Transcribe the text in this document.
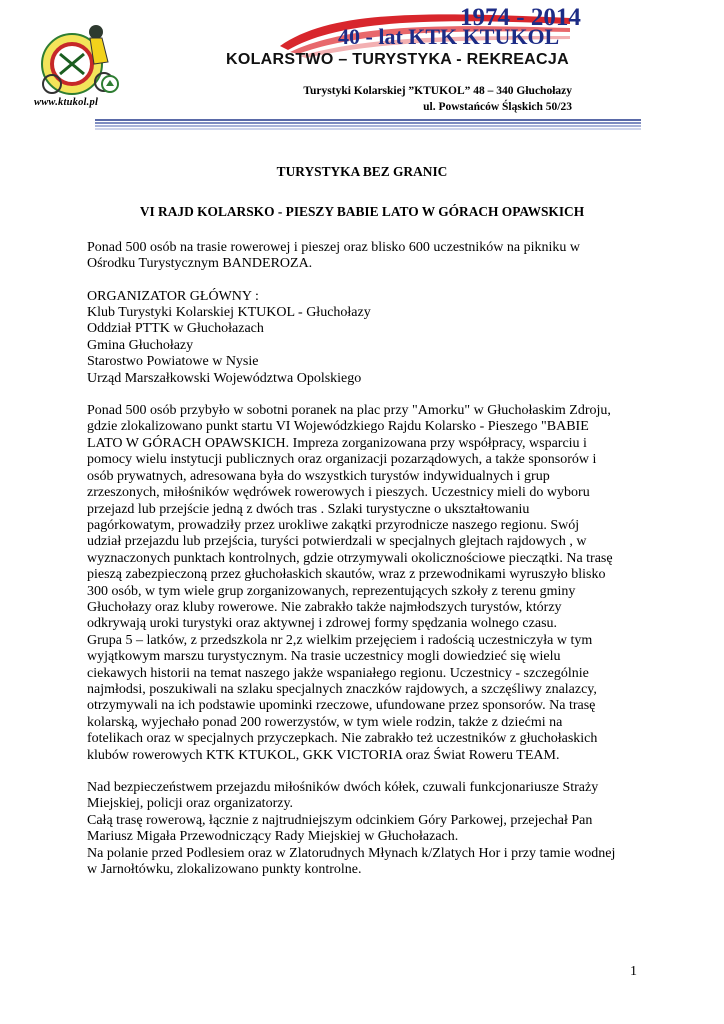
www.ktukol.pl
1974 - 2014
40 - lat KTK KTUKOL
KOLARSTWO – TURYSTYKA - REKREACJA
Turystyki Kolarskiej ”KTUKOL” 48 – 340 Głuchołazy
ul. Powstańców Śląskich 50/23
TURYSTYKA BEZ GRANIC
VI RAJD KOLARSKO - PIESZY BABIE LATO W GÓRACH OPAWSKICH

Ponad 500 osób na trasie rowerowej i pieszej oraz blisko 600 uczestników na pikniku w
Ośrodku Turystycznym BANDEROZA.

ORGANIZATOR GŁÓWNY :
Klub Turystyki Kolarskiej KTUKOL - Głuchołazy
Oddział PTTK w Głuchołazach
Gmina Głuchołazy
Starostwo Powiatowe w Nysie
Urząd Marszałkowski Województwa Opolskiego

Ponad 500 osób przybyło w sobotni poranek na plac przy "Amorku" w Głuchołaskim Zdroju,
gdzie zlokalizowano punkt startu VI Wojewódzkiego Rajdu Kolarsko - Pieszego "BABIE
LATO W GÓRACH OPAWSKICH. Impreza zorganizowana przy współpracy, wsparciu i
pomocy wielu instytucji publicznych oraz organizacji pozarządowych, a także sponsorów i
osób prywatnych, adresowana była do wszystkich turystów indywidualnych i grup
zrzeszonych, miłośników wędrówek rowerowych i pieszych. Uczestnicy mieli do wyboru
przejazd lub przejście jedną z dwóch tras . Szlaki turystyczne o ukształtowaniu
pagórkowatym, prowadziły przez urokliwe zakątki przyrodnicze naszego regionu. Swój
udział przejazdu lub przejścia, turyści potwierdzali w specjalnych glejtach rajdowych , w
wyznaczonych punktach kontrolnych, gdzie otrzymywali okolicznościowe pieczątki. Na trasę
pieszą zabezpieczoną przez głuchołaskich skautów, wraz z przewodnikami wyruszyło blisko
300 osób, w tym wiele grup zorganizowanych, reprezentujących szkoły z terenu gminy
Głuchołazy oraz kluby rowerowe. Nie zabrakło także najmłodszych turystów, którzy
odkrywają uroki turystyki oraz aktywnej i zdrowej formy spędzania wolnego czasu.
Grupa 5 – latków, z przedszkola nr 2,z wielkim przejęciem i radością uczestniczyła w tym
wyjątkowym marszu turystycznym. Na trasie uczestnicy mogli dowiedzieć się wielu
ciekawych historii na temat naszego jakże wspaniałego regionu. Uczestnicy - szczególnie
najmłodsi, poszukiwali na szlaku specjalnych znaczków rajdowych, a szczęśliwy znalazcy,
otrzymywali na ich podstawie upominki rzeczowe, ufundowane przez sponsorów. Na trasę
kolarską, wyjechało ponad 200 rowerzystów, w tym wiele rodzin, także z dziećmi na
fotelikach oraz w specjalnych przyczepkach. Nie zabrakło też uczestników z głuchołaskich
klubów rowerowych KTK KTUKOL, GKK VICTORIA oraz Świat Roweru TEAM.

Nad bezpieczeństwem przejazdu miłośników dwóch kółek, czuwali funkcjonariusze Straży
Miejskiej, policji oraz organizatorzy.
Całą trasę rowerową, łącznie z najtrudniejszym odcinkiem Góry Parkowej, przejechał Pan
Mariusz Migała Przewodniczący Rady Miejskiej w Głuchołazach.
Na polanie przed Podlesiem oraz w Zlatorudnych Młynach k/Zlatych Hor i przy tamie wodnej
w Jarnołtówku, zlokalizowano punkty kontrolne.

1
